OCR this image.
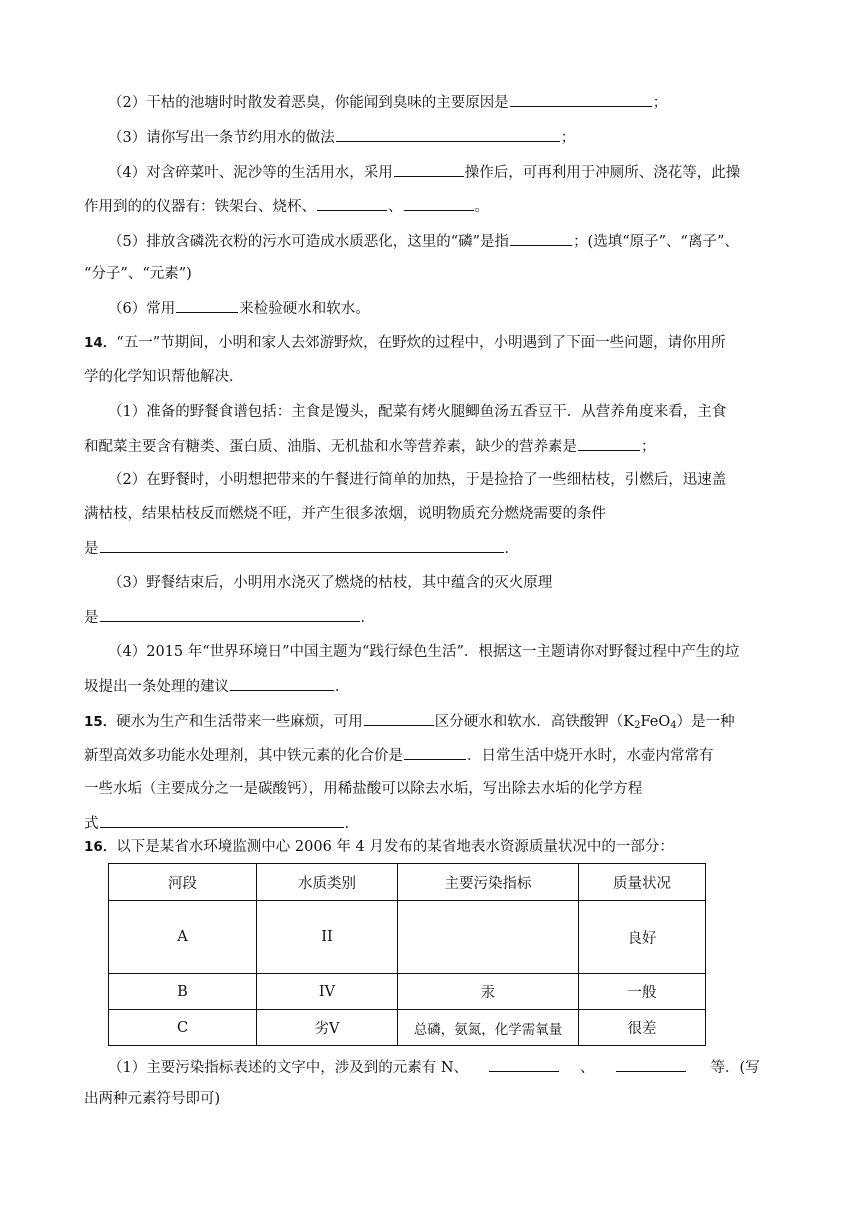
（2）干枯的池塘时时散发着恶臭，你能闻到臭味的主要原因是	；
（3）请你写出一条节约用水的做法	；
（4）对含碎菜叶、泥沙等的生活用水，采用	操作后，可再利用于冲厕所、浇花等，此操
作用到的的仪器有：铁架台、烧杯、	、	。
（5）排放含磷洗衣粉的污水可造成水质恶化，这里的“磷”是指	；(选填“原子”、“离子”、
“分子”、“元素”)
（6）常用	来检验硬水和软水。
14．“五一”节期间，小明和家人去郊游野炊，在野炊的过程中，小明遇到了下面一些问题，请你用所
学的化学知识帮他解决．
（1）准备的野餐食谱包括：主食是馒头，配菜有烤火腿鲫鱼汤五香豆干．从营养角度来看，主食
和配菜主要含有糖类、蛋白质、油脂、无机盐和水等营养素，缺少的营养素是	；
（2）在野餐时，小明想把带来的午餐进行简单的加热，于是捡拾了一些细枯枝，引燃后，迅速盖
满枯枝，结果枯枝反而燃烧不旺，并产生很多浓烟，说明物质充分燃烧需要的条件
是	．
（3）野餐结束后，小明用水浇灭了燃烧的枯枝，其中蕴含的灭火原理
是	．
（4）2015 年“世界环境日”中国主题为“践行绿色生活”．根据这一主题请你对野餐过程中产生的垃
圾提出一条处理的建议	．
15．硬水为生产和生活带来一些麻烦，可用	区分硬水和软水．高铁酸钾$(K_2FeO_4)$是一种
新型高效多功能水处理剂，其中铁元素的化合价是	．日常生活中烧开水时，水壶内常常有
一些水垢（主要成分之一是碳酸钙），用稀盐酸可以除去水垢，写出除去水垢的化学方程
式	．
16．以下是某省水环境监测中心 2006 年 4 月发布的某省地表水资源质量状况中的一部分：
河段	水质类别	主要污染指标	质量状况
A	II		良好
B	IV	汞	一般
C	劣V	总磷，氨氮，化学需氧量	很差
（1）主要污染指标表述的文字中，涉及到的元素有 N、	、	等．(写
出两种元素符号即可)
